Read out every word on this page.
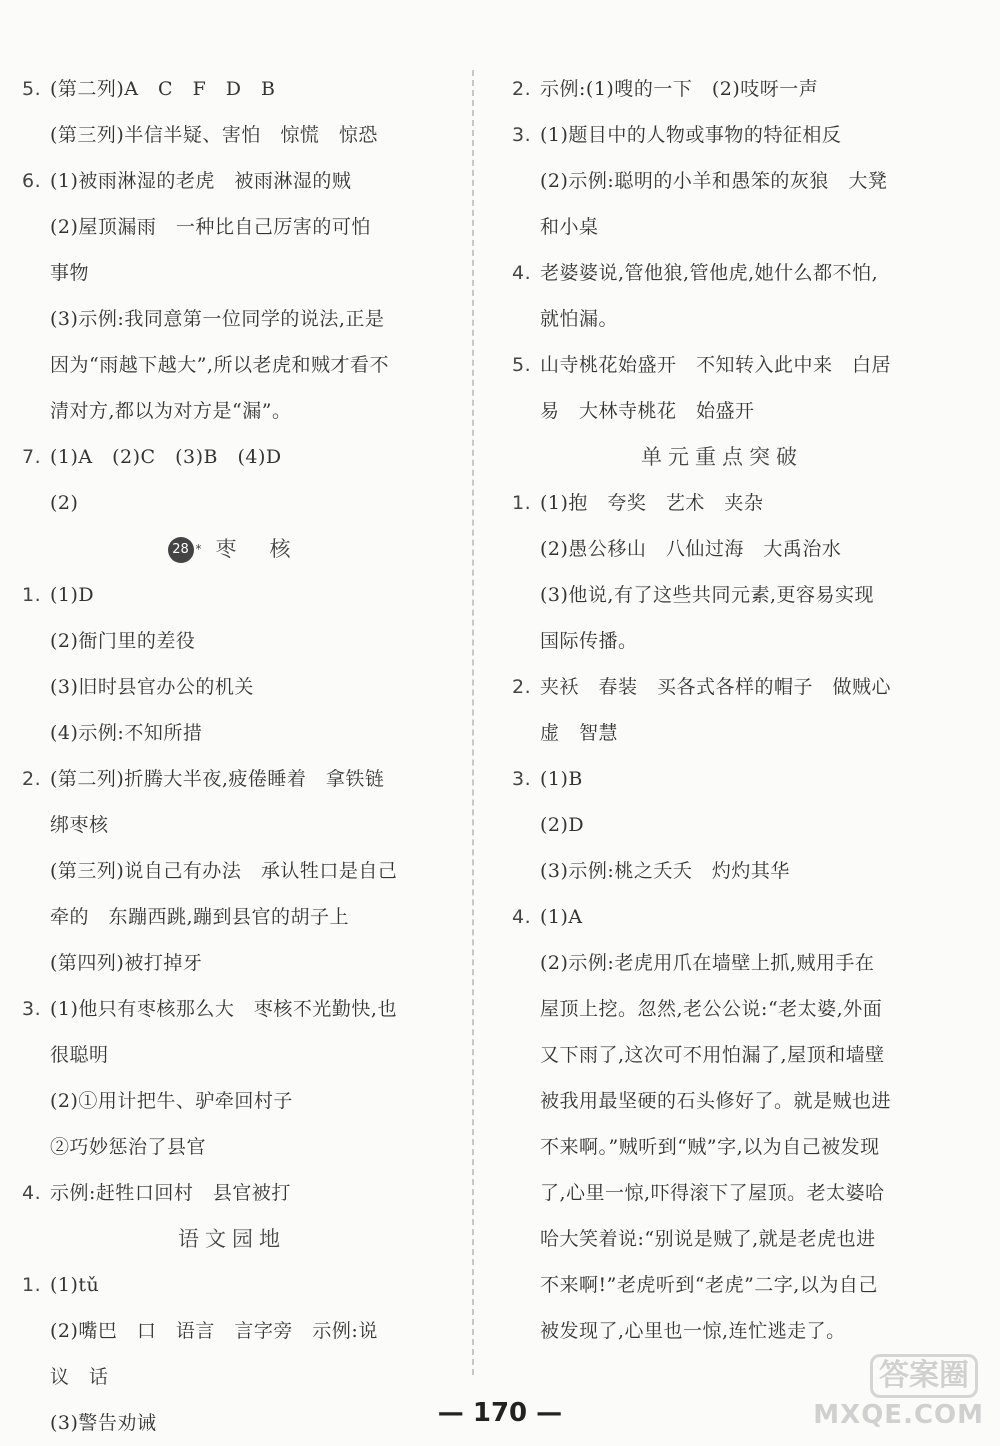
5. (第二列)A　C　F　D　B
(第三列)半信半疑、害怕　惊慌　惊恐
6. (1)被雨淋湿的老虎　被雨淋湿的贼
(2)屋顶漏雨　一种比自己厉害的可怕
事物
(3)示例:我同意第一位同学的说法,正是
因为“雨越下越大”,所以老虎和贼才看不
清对方,都以为对方是“漏”。
7. (1)A　(2)C　(3)B　(4)D
(2)
28 * 枣　核
1. (1)D
(2)衙门里的差役
(3)旧时县官办公的机关
(4)示例:不知所措
2. (第二列)折腾大半夜,疲倦睡着　拿铁链
绑枣核
(第三列)说自己有办法　承认牲口是自己
牵的　东蹦西跳,蹦到县官的胡子上
(第四列)被打掉牙
3. (1)他只有枣核那么大　枣核不光勤快,也
很聪明
(2)①用计把牛、驴牵回村子
②巧妙惩治了县官
4. 示例:赶牲口回村　县官被打
语文园地
1. (1)tǔ
(2)嘴巴　口　语言　言字旁　示例:说
议　话
(3)警告劝诫
2. 示例:(1)嗖的一下　(2)吱呀一声
3. (1)题目中的人物或事物的特征相反
(2)示例:聪明的小羊和愚笨的灰狼　大凳
和小桌
4. 老婆婆说,管他狼,管他虎,她什么都不怕,
就怕漏。
5. 山寺桃花始盛开　不知转入此中来　白居
易　大林寺桃花　始盛开
单元重点突破
1. (1)抱　夸奖　艺术　夹杂
(2)愚公移山　八仙过海　大禹治水
(3)他说,有了这些共同元素,更容易实现
国际传播。
2. 夹袄　春装　买各式各样的帽子　做贼心
虚　智慧
3. (1)B
(2)D
(3)示例:桃之夭夭　灼灼其华
4. (1)A
(2)示例:老虎用爪在墙壁上抓,贼用手在
屋顶上挖。忽然,老公公说:“老太婆,外面
又下雨了,这次可不用怕漏了,屋顶和墙壁
被我用最坚硬的石头修好了。就是贼也进
不来啊。”贼听到“贼”字,以为自己被发现
了,心里一惊,吓得滚下了屋顶。老太婆哈
哈大笑着说:“别说是贼了,就是老虎也进
不来啊!”老虎听到“老虎”二字,以为自己
被发现了,心里也一惊,连忙逃走了。
— 170 —
答案圈
MXQE.COM
